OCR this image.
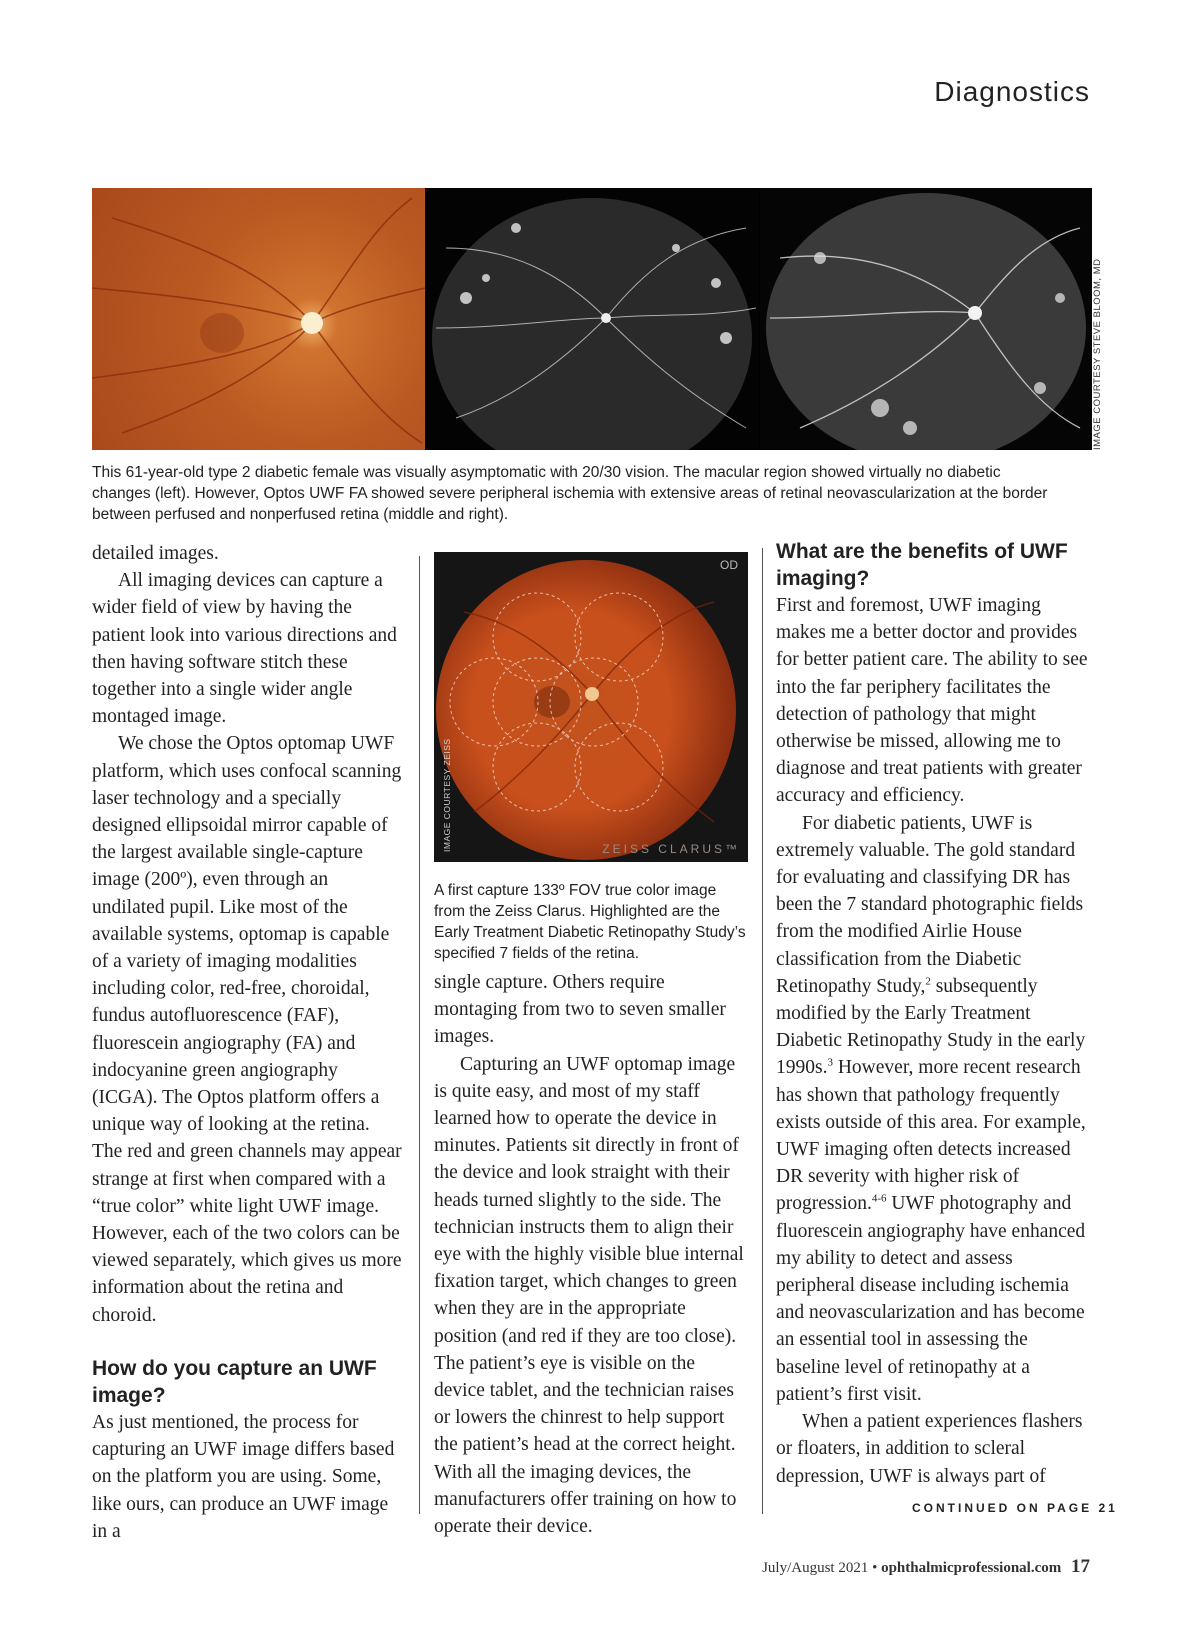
Diagnostics
IMAGE COURTESY STEVE BLOOM, MD
This 61-year-old type 2 diabetic female was visually asymptomatic with 20/30 vision. The macular region showed virtually no diabetic changes (left). However, Optos UWF FA showed severe peripheral ischemia with extensive areas of retinal neovascularization at the border between perfused and nonperfused retina (middle and right).

detailed images.

All imaging devices can capture a wider field of view by having the patient look into various directions and then having software stitch these together into a single wider angle montaged image.

We chose the Optos optomap UWF platform, which uses confocal scanning laser technology and a specially designed ellipsoidal mirror capable of the largest available single-capture image (200º), even through an undilated pupil. Like most of the available systems, optomap is capable of a variety of imaging modalities including color, red-free, choroidal, fundus autofluorescence (FAF), fluorescein angiography (FA) and indocyanine green angiography (ICGA). The Optos platform offers a unique way of looking at the retina. The red and green channels may appear strange at first when compared with a “true color” white light UWF image. However, each of the two colors can be viewed separately, which gives us more information about the retina and choroid.

How do you capture an UWF image?

As just mentioned, the process for capturing an UWF image differs based on the platform you are using. Some, like ours, can produce an UWF image in a

OD
IMAGE COURTESY ZEISS	ZEISS CLARUS™
A first capture 133º FOV true color image from the Zeiss Clarus. Highlighted are the Early Treatment Diabetic Retinopathy Study’s specified 7 fields of the retina.

single capture. Others require montaging from two to seven smaller images.

Capturing an UWF optomap image is quite easy, and most of my staff learned how to operate the device in minutes. Patients sit directly in front of the device and look straight with their heads turned slightly to the side. The technician instructs them to align their eye with the highly visible blue internal fixation target, which changes to green when they are in the appropriate position (and red if they are too close). The patient’s eye is visible on the device tablet, and the technician raises or lowers the chinrest to help support the patient’s head at the correct height. With all the imaging devices, the manufacturers offer training on how to operate their device.

What are the benefits of UWF imaging?

First and foremost, UWF imaging makes me a better doctor and provides for better patient care. The ability to see into the far periphery facilitates the detection of pathology that might otherwise be missed, allowing me to diagnose and treat patients with greater accuracy and efficiency.

For diabetic patients, UWF is extremely valuable. The gold standard for evaluating and classifying DR has been the 7 standard photographic fields from the modified Airlie House classification from the Diabetic Retinopathy Study,$^2$ subsequently modified by the Early Treatment Diabetic Retinopathy Study in the early 1990s.$^3$ However, more recent research has shown that pathology frequently exists outside of this area. For example, UWF imaging often detects increased DR severity with higher risk of progression.$^{4-6}$ UWF photography and fluorescein angiography have enhanced my ability to detect and assess peripheral disease including ischemia and neovascularization and has become an essential tool in assessing the baseline level of retinopathy at a patient’s first visit.

When a patient experiences flashers or floaters, in addition to scleral depression, UWF is always part of

CONTINUED ON PAGE 21
July/August 2021 • ophthalmicprofessional.com 17
